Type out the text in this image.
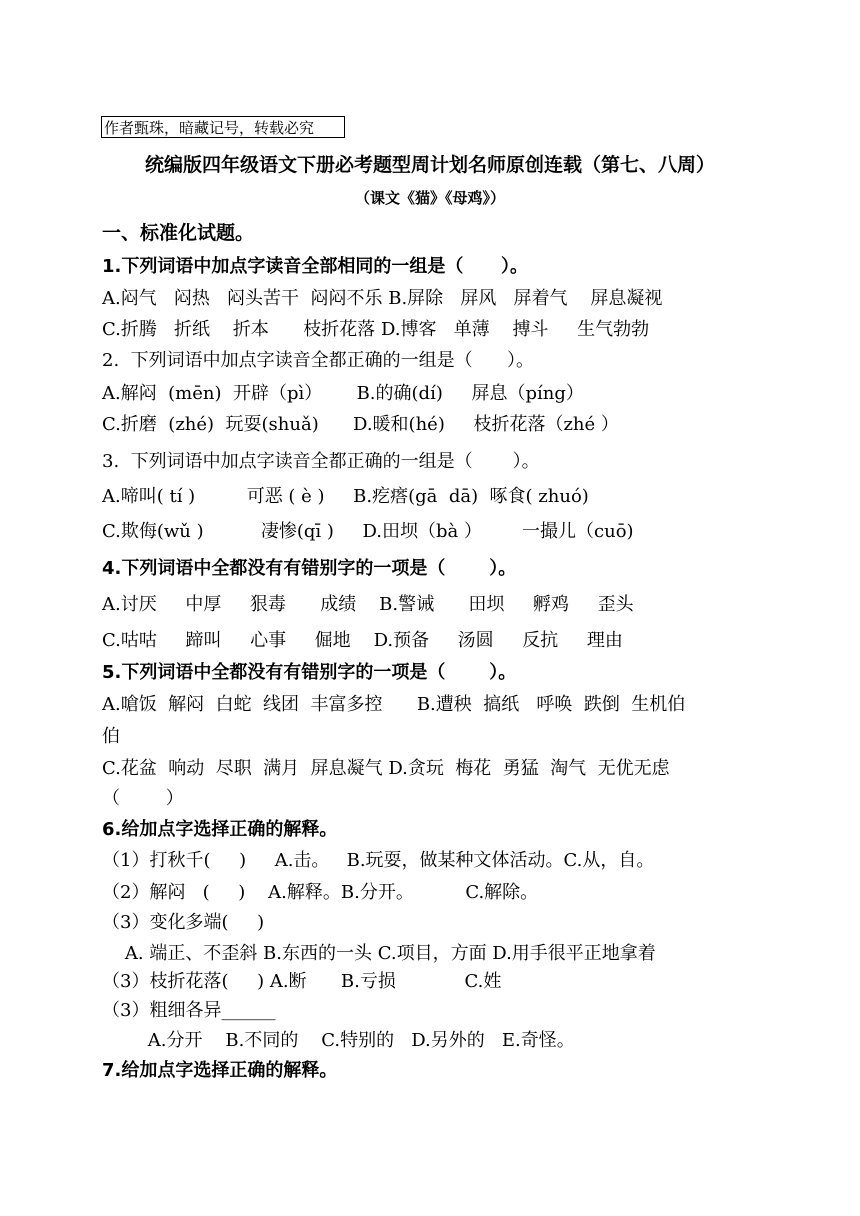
作者甄珠，暗藏记号，转载必究
统编版四年级语文下册必考题型周计划名师原创连载（第七、八周）
（课文《猫》《母鸡》）
一、标准化试题。
1.下列词语中加点字读音全部相同的一组是（      ）。
A.闷气   闷热   闷头苦干  闷闷不乐 B.屏除   屏风   屏着气    屏息凝视
C.折腾   折纸    折本      枝折花落 D.博客   单薄    搏斗     生气勃勃
2.  下列词语中加点字读音全都正确的一组是（      ）。
A.解闷  (mēn)  开辟（pì）      B.的确(dí)     屏息（píng）
C.折磨  (zhé)  玩耍(shuǎ)      D.暖和(hé)     枝折花落（zhé ）
3.  下列词语中加点字读音全都正确的一组是（       ）。
A.啼叫( tí )         可恶 ( è )     B.疙瘩(gā  dā)  啄食( zhuó)
C.欺侮(wǔ )          凄惨(qī )     D.田坝（bà ）       一撮儿（cuō)
4.下列词语中全都没有有错别字的一项是（       ）。
A.讨厌     中厚     狠毒      成绩    B.警诫      田坝     孵鸡     歪头
C.咕咕     蹄叫     心事     倔地    D.预备     汤圆     反抗     理由
5.下列词语中全都没有有错别字的一项是（       ）。
A.嗆饭  解闷  白蛇  线团  丰富多控      B.遭秧  搞纸   呼唤  跌倒  生机伯
伯
C.花盆  响动  尽职  满月  屏息凝气 D.贪玩  梅花  勇猛  淘气  无优无虑
（        ）
6.给加点字选择正确的解释。
（1）打秋千(     )     A.击。   B.玩耍，做某种文体活动。C.从，自。
（2）解闷   (     )    A.解释。B.分开。         C.解除。
（3）变化多端(     )
A. 端正、不歪斜 B.东西的一头 C.项目，方面 D.用手很平正地拿着
（3）枝折花落(     ) A.断      B.亏损            C.姓
（3）粗细各异______
A.分开    B.不同的    C.特别的   D.另外的   E.奇怪。
7.给加点字选择正确的解释。
